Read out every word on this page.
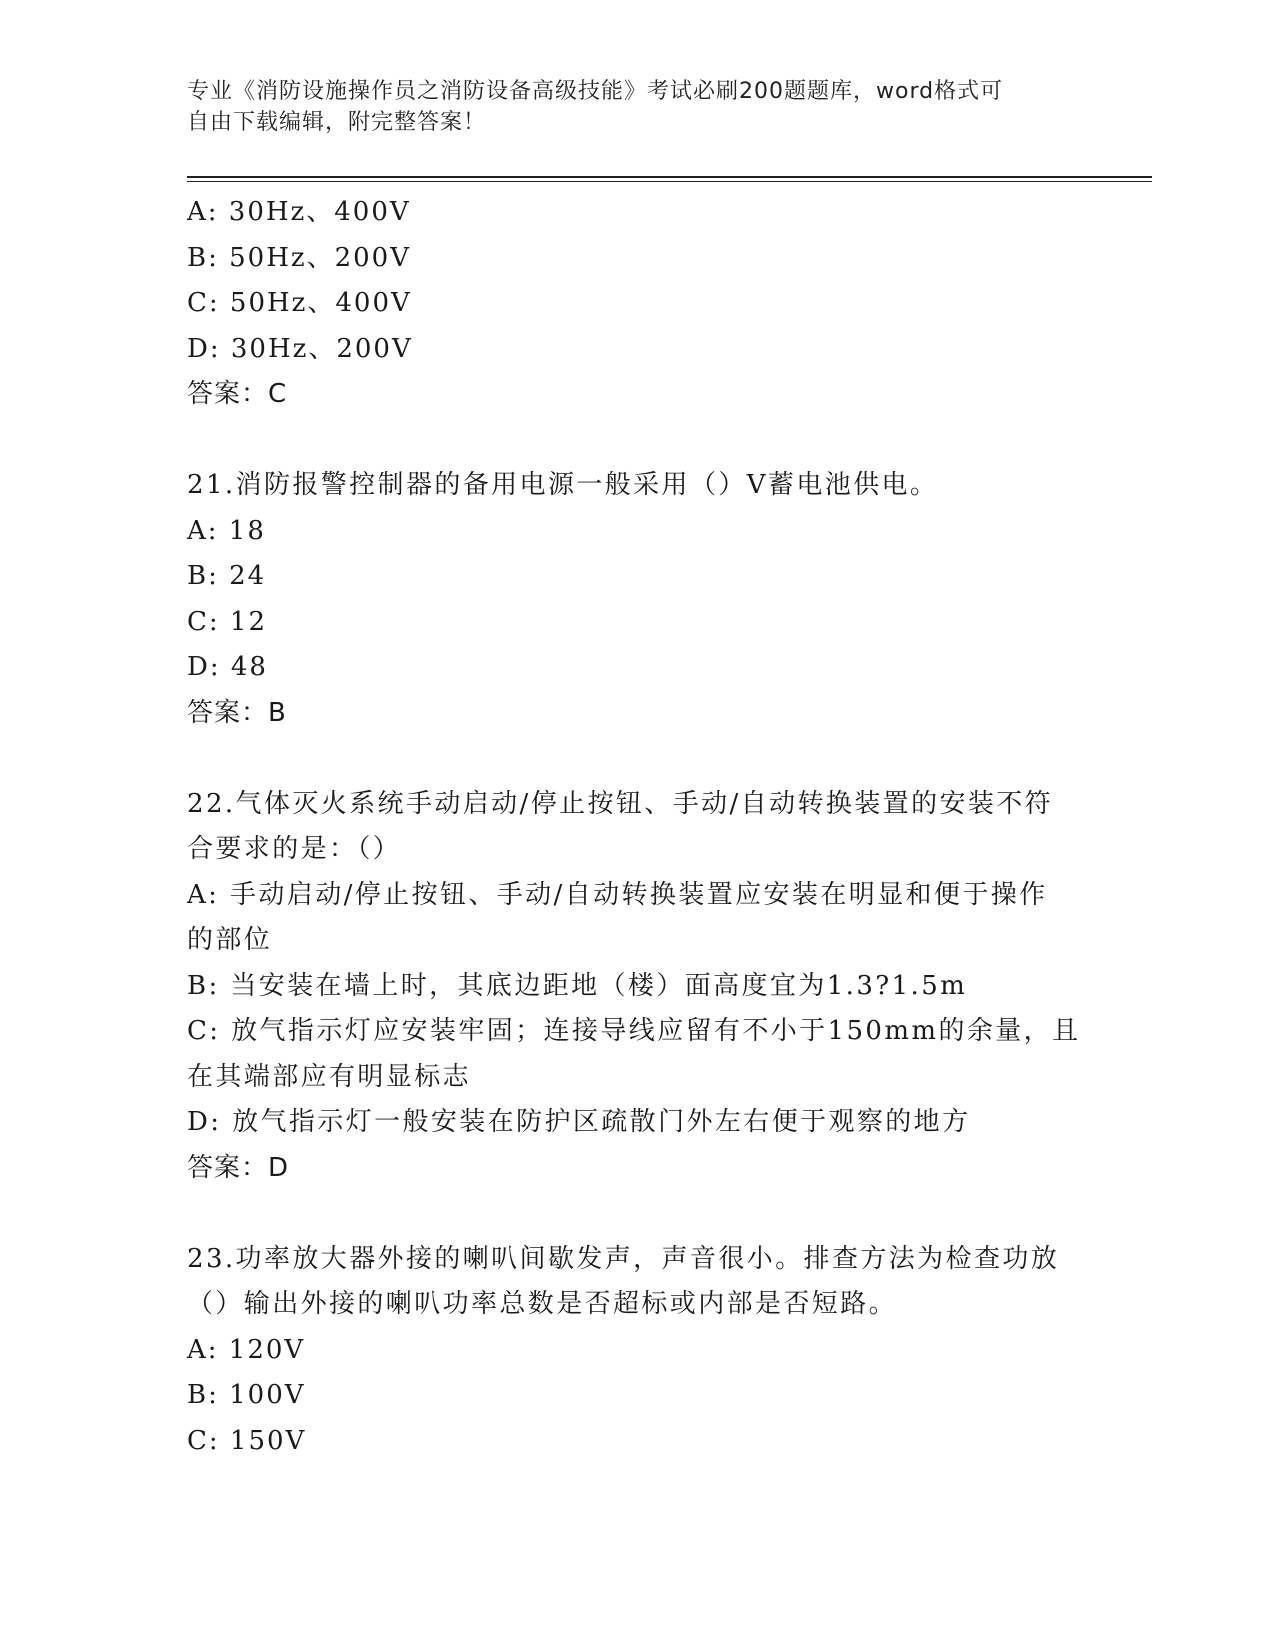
专业《消防设施操作员之消防设备高级技能》考试必刷200题题库，word格式可
自由下载编辑，附完整答案！
A: 30Hz、400V
B: 50Hz、200V
C: 50Hz、400V
D: 30Hz、200V
答案：C
21.消防报警控制器的备用电源一般采用（）V蓄电池供电。
A: 18
B: 24
C: 12
D: 48
答案：B
22.气体灭火系统手动启动/停止按钮、手动/自动转换装置的安装不符
合要求的是：（）
A: 手动启动/停止按钮、手动/自动转换装置应安装在明显和便于操作
的部位
B: 当安装在墙上时，其底边距地（楼）面高度宜为1.3?1.5m
C: 放气指示灯应安装牢固；连接导线应留有不小于150mm的余量，且
在其端部应有明显标志
D: 放气指示灯一般安装在防护区疏散门外左右便于观察的地方
答案：D
23.功率放大器外接的喇叭间歇发声，声音很小。排查方法为检查功放
（）输出外接的喇叭功率总数是否超标或内部是否短路。
A: 120V
B: 100V
C: 150V
